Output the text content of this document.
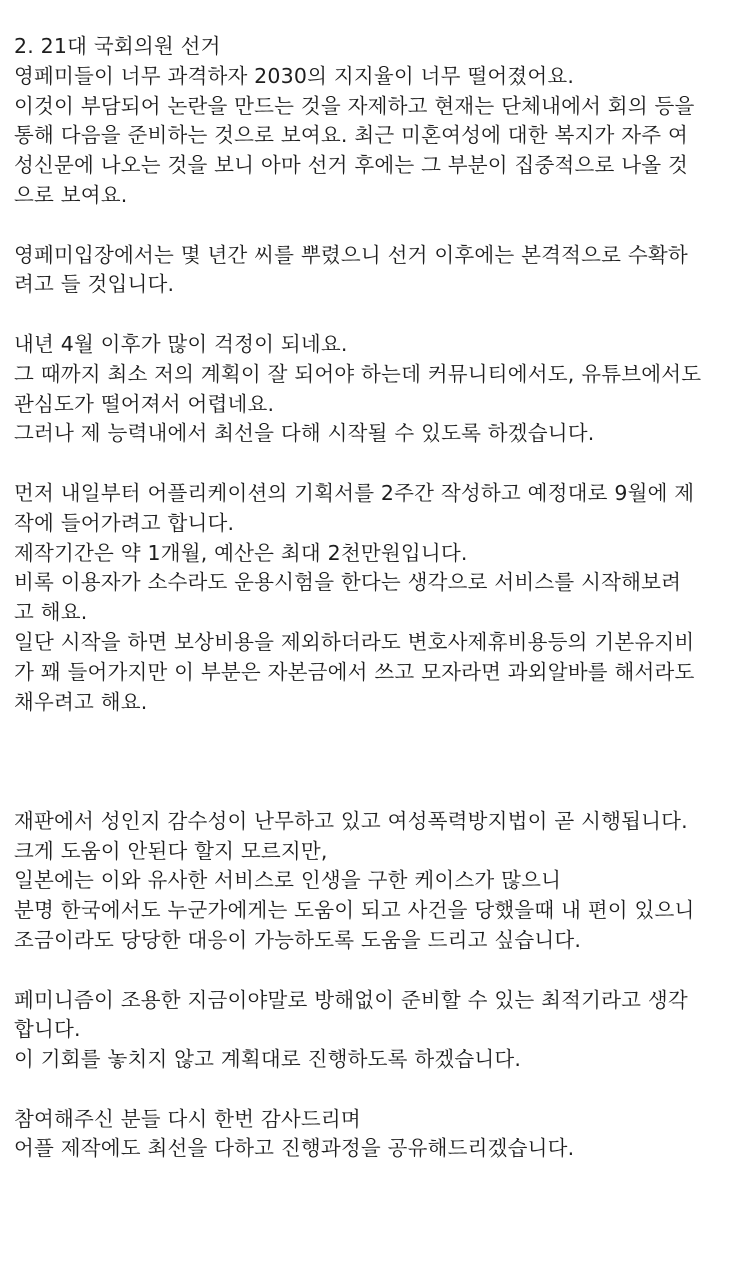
2. 21대 국회의원 선거
영페미들이 너무 과격하자 2030의 지지율이 너무 떨어졌어요.
이것이 부담되어 논란을 만드는 것을 자제하고 현재는 단체내에서 회의 등을
통해 다음을 준비하는 것으로 보여요. 최근 미혼여성에 대한 복지가 자주 여
성신문에 나오는 것을 보니 아마 선거 후에는 그 부분이 집중적으로 나올 것
으로 보여요.
영페미입장에서는 몇 년간 씨를 뿌렸으니 선거 이후에는 본격적으로 수확하
려고 들 것입니다.
내년 4월 이후가 많이 걱정이 되네요.
그 때까지 최소 저의 계획이 잘 되어야 하는데 커뮤니티에서도, 유튜브에서도
관심도가 떨어져서 어렵네요.
그러나 제 능력내에서 최선을 다해 시작될 수 있도록 하겠습니다.
먼저 내일부터 어플리케이션의 기획서를 2주간 작성하고 예정대로 9월에 제
작에 들어가려고 합니다.
제작기간은 약 1개월, 예산은 최대 2천만원입니다.
비록 이용자가 소수라도 운용시험을 한다는 생각으로 서비스를 시작해보려
고 해요.
일단 시작을 하면 보상비용을 제외하더라도 변호사제휴비용등의 기본유지비
가 꽤 들어가지만 이 부분은 자본금에서 쓰고 모자라면 과외알바를 해서라도
채우려고 해요.
재판에서 성인지 감수성이 난무하고 있고 여성폭력방지법이 곧 시행됩니다.
크게 도움이 안된다 할지 모르지만,
일본에는 이와 유사한 서비스로 인생을 구한 케이스가 많으니
분명 한국에서도 누군가에게는 도움이 되고 사건을 당했을때 내 편이 있으니
조금이라도 당당한 대응이 가능하도록 도움을 드리고 싶습니다.
페미니즘이 조용한 지금이야말로 방해없이 준비할 수 있는 최적기라고 생각
합니다.
이 기회를 놓치지 않고 계획대로 진행하도록 하겠습니다.
참여해주신 분들 다시 한번 감사드리며
어플 제작에도 최선을 다하고 진행과정을 공유해드리겠습니다.
